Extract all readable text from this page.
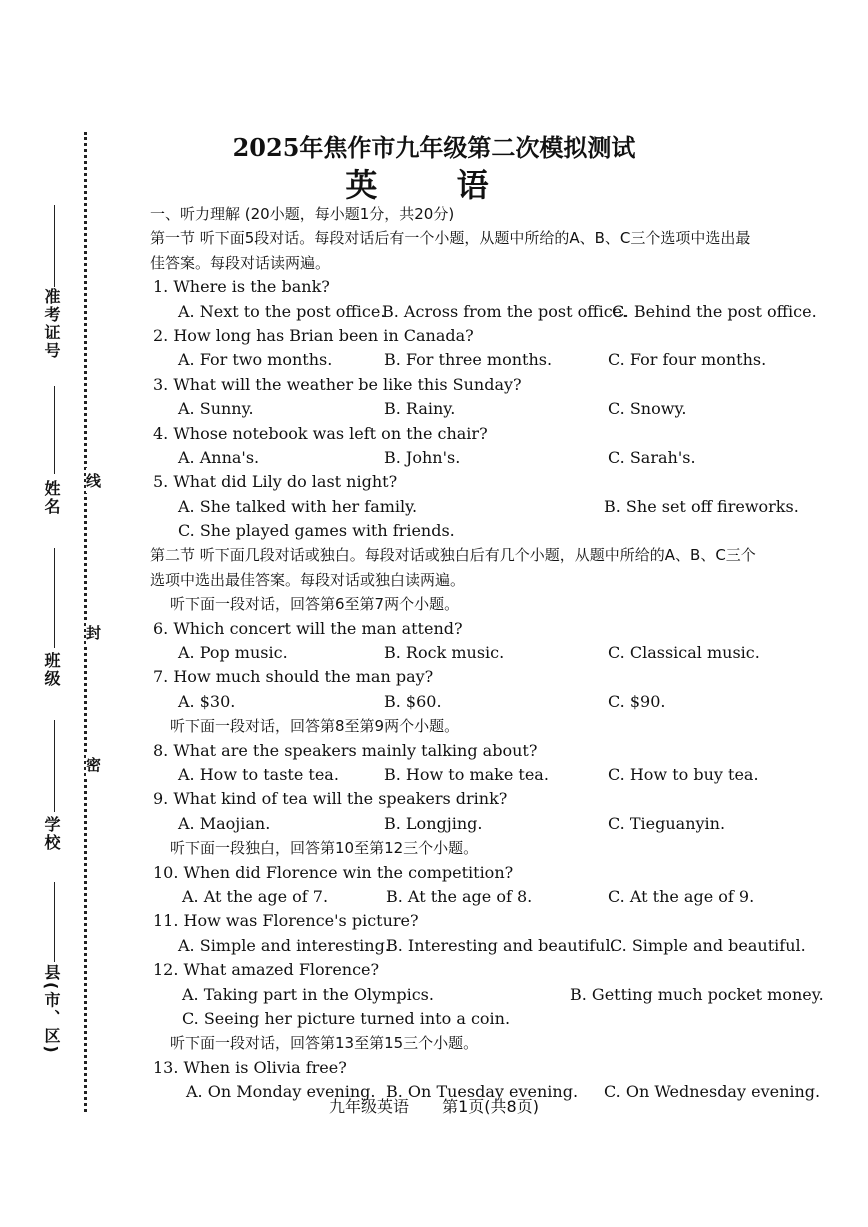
准考证号
姓名
班级
学校
县(市、区)
线
封
密
2025年焦作市九年级第二次模拟测试
英 语
一、听力理解 (20小题，每小题1分，共20分)
第一节 听下面5段对话。每段对话后有一个小题，从题中所给的A、B、C三个选项中选出最
佳答案。每段对话读两遍。
1. Where is the bank?
A. Next to the post office.
B. Across from the post office.
C. Behind the post office.
2. How long has Brian been in Canada?
A. For two months.	B. For three months.	C. For four months.
3. What will the weather be like this Sunday?
A. Sunny.	B. Rainy.	C. Snowy.
4. Whose notebook was left on the chair?
A. Anna's.	B. John's.	C. Sarah's.
5. What did Lily do last night?
A. She talked with her family.	B. She set off fireworks.
C. She played games with friends.
第二节 听下面几段对话或独白。每段对话或独白后有几个小题，从题中所给的A、B、C三个
选项中选出最佳答案。每段对话或独白读两遍。
听下面一段对话，回答第6至第7两个小题。
6. Which concert will the man attend?
A. Pop music.	B. Rock music.	C. Classical music.
7. How much should the man pay?
A. $30.	B. $60.	C. $90.
听下面一段对话，回答第8至第9两个小题。
8. What are the speakers mainly talking about?
A. How to taste tea.	B. How to make tea.	C. How to buy tea.
9. What kind of tea will the speakers drink?
A. Maojian.	B. Longjing.	C. Tieguanyin.
听下面一段独白，回答第10至第12三个小题。
10. When did Florence win the competition?
A. At the age of 7.	B. At the age of 8.	C. At the age of 9.
11. How was Florence's picture?
A. Simple and interesting.
B. Interesting and beautiful.
C. Simple and beautiful.
12. What amazed Florence?
A. Taking part in the Olympics.	B. Getting much pocket money.
C. Seeing her picture turned into a coin.
听下面一段对话，回答第13至第15三个小题。
13. When is Olivia free?
A. On Monday evening. B. On Tuesday evening. C. On Wednesday evening.
九年级英语 第1页(共8页)
